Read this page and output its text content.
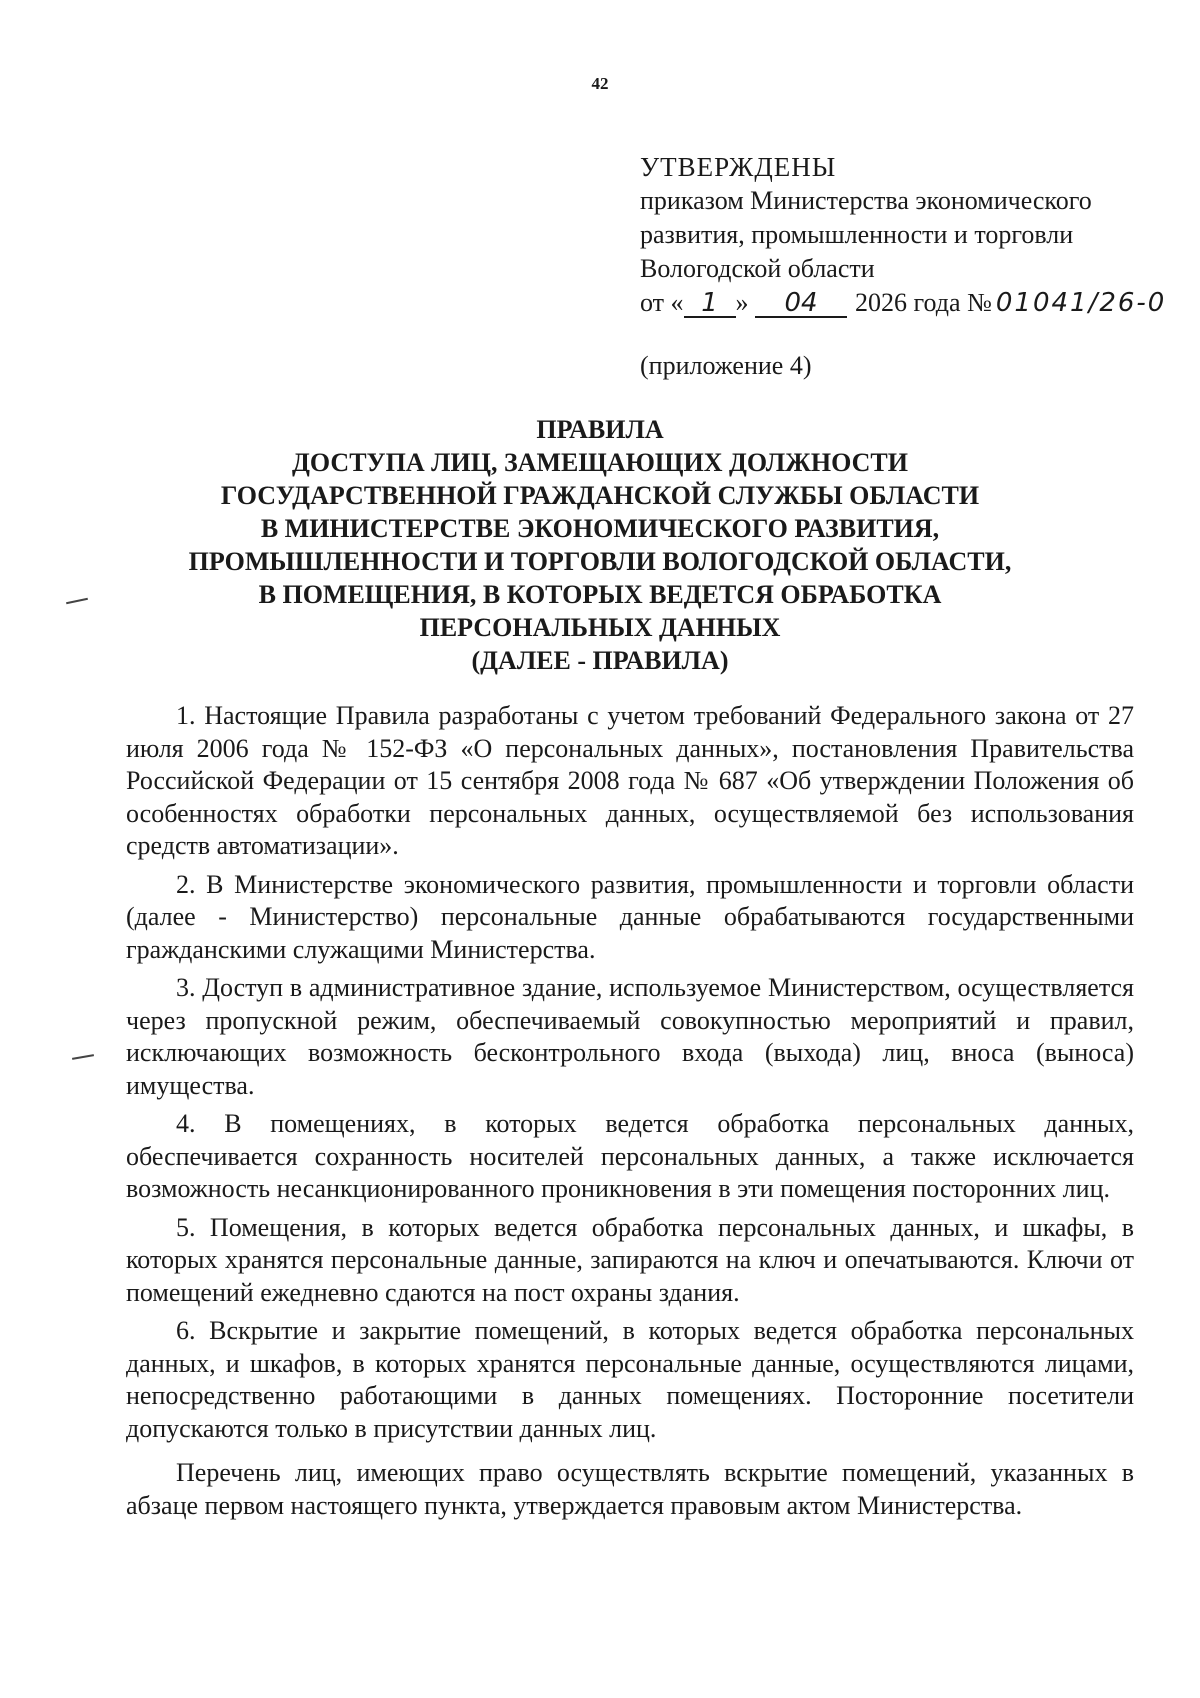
42
УТВЕРЖДЕНЫ
приказом Министерства экономического
развития, промышленности и торговли
Вологодской области
от « 1 » 04 2026 года № 01041/26-0
(приложение 4)
ПРАВИЛА
ДОСТУПА ЛИЦ, ЗАМЕЩАЮЩИХ ДОЛЖНОСТИ
ГОСУДАРСТВЕННОЙ ГРАЖДАНСКОЙ СЛУЖБЫ ОБЛАСТИ
В МИНИСТЕРСТВЕ ЭКОНОМИЧЕСКОГО РАЗВИТИЯ,
ПРОМЫШЛЕННОСТИ И ТОРГОВЛИ ВОЛОГОДСКОЙ ОБЛАСТИ,
В ПОМЕЩЕНИЯ, В КОТОРЫХ ВЕДЕТСЯ ОБРАБОТКА
ПЕРСОНАЛЬНЫХ ДАННЫХ
(ДАЛЕЕ - ПРАВИЛА)

1. Настоящие Правила разработаны с учетом требований Федерального закона от 27 июля 2006 года № 152-ФЗ «О персональных данных», постановления Правительства Российской Федерации от 15 сентября 2008 года № 687 «Об утверждении Положения об особенностях обработки персональных данных, осуществляемой без использования средств автоматизации».

2. В Министерстве экономического развития, промышленности и торговли области (далее - Министерство) персональные данные обрабатываются государственными гражданскими служащими Министерства.

3. Доступ в административное здание, используемое Министерством, осуществляется через пропускной режим, обеспечиваемый совокупностью мероприятий и правил, исключающих возможность бесконтрольного входа (выхода) лиц, вноса (выноса) имущества.

4. В помещениях, в которых ведется обработка персональных данных, обеспечивается сохранность носителей персональных данных, а также исключается возможность несанкционированного проникновения в эти помещения посторонних лиц.

5. Помещения, в которых ведется обработка персональных данных, и шкафы, в которых хранятся персональные данные, запираются на ключ и опечатываются. Ключи от помещений ежедневно сдаются на пост охраны здания.

6. Вскрытие и закрытие помещений, в которых ведется обработка персональных данных, и шкафов, в которых хранятся персональные данные, осуществляются лицами, непосредственно работающими в данных помещениях. Посторонние посетители допускаются только в присутствии данных лиц.

Перечень лиц, имеющих право осуществлять вскрытие помещений, указанных в абзаце первом настоящего пункта, утверждается правовым актом Министерства.
